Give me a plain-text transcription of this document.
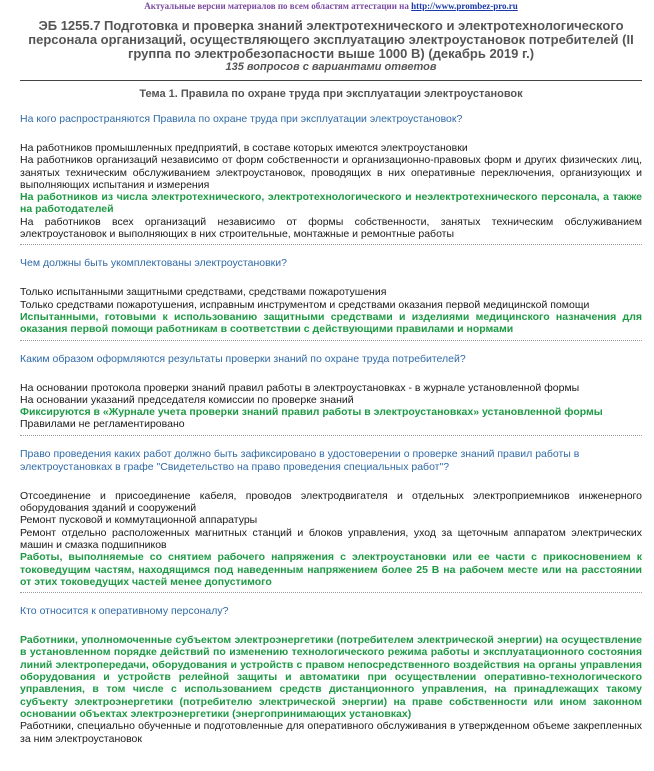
Актуальные версии материалов по всем областям аттестации на http://www.prombez-pro.ru
ЭБ 1255.7 Подготовка и проверка знаний электротехнического и электротехнологического персонала организаций, осуществляющего эксплуатацию электроустановок потребителей (II группа по электробезопасности выше 1000 В) (декабрь 2019 г.)
135 вопросов с вариантами ответов
Тема 1. Правила по охране труда при эксплуатации электроустановок
На кого распространяются Правила по охране труда при эксплуатации электроустановок?

На работников промышленных предприятий, в составе которых имеются электроустановки

На работников организаций независимо от форм собственности и организационно-правовых форм и других физических лиц, занятых техническим обслуживанием электроустановок, проводящих в них оперативные переключения, организующих и выполняющих испытания и измерения

На работников из числа электротехнического, электротехнологического и неэлектротехнического персонала, а также на работодателей

На работников всех организаций независимо от формы собственности, занятых техническим обслуживанием электроустановок и выполняющих в них строительные, монтажные и ремонтные работы

Чем должны быть укомплектованы электроустановки?

Только испытанными защитными средствами, средствами пожаротушения

Только средствами пожаротушения, исправным инструментом и средствами оказания первой медицинской помощи

Испытанными, готовыми к использованию защитными средствами и изделиями медицинского назначения для оказания первой помощи работникам в соответствии с действующими правилами и нормами

Каким образом оформляются результаты проверки знаний по охране труда потребителей?

На основании протокола проверки знаний правил работы в электроустановках - в журнале установленной формы

На основании указаний председателя комиссии по проверке знаний

Фиксируются в «Журнале учета проверки знаний правил работы в электроустановках» установленной формы

Правилами не регламентировано

Право проведения каких работ должно быть зафиксировано в удостоверении о проверке знаний правил работы в электроустановках в графе "Свидетельство на право проведения специальных работ"?

Отсоединение и присоединение кабеля, проводов электродвигателя и отдельных электроприемников инженерного оборудования зданий и сооружений

Ремонт пусковой и коммутационной аппаратуры

Ремонт отдельно расположенных магнитных станций и блоков управления, уход за щеточным аппаратом электрических машин и смазка подшипников

Работы, выполняемые со снятием рабочего напряжения с электроустановки или ее части с прикосновением к токоведущим частям, находящимся под наведенным напряжением более 25 В на рабочем месте или на расстоянии от этих токоведущих частей менее допустимого

Кто относится к оперативному персоналу?

Работники, уполномоченные субъектом электроэнергетики (потребителем электрической энергии) на осуществление в установленном порядке действий по изменению технологического режима работы и эксплуатационного состояния линий электропередачи, оборудования и устройств с правом непосредственного воздействия на органы управления оборудования и устройств релейной защиты и автоматики при осуществлении оперативно-технологического управления, в том числе с использованием средств дистанционного управления, на принадлежащих такому субъекту электроэнергетики (потребителю электрической энергии) на праве собственности или ином законном основании объектах электроэнергетики (энергопринимающих установках)

Работники, специально обученные и подготовленные для оперативного обслуживания в утвержденном объеме закрепленных за ним электроустановок
